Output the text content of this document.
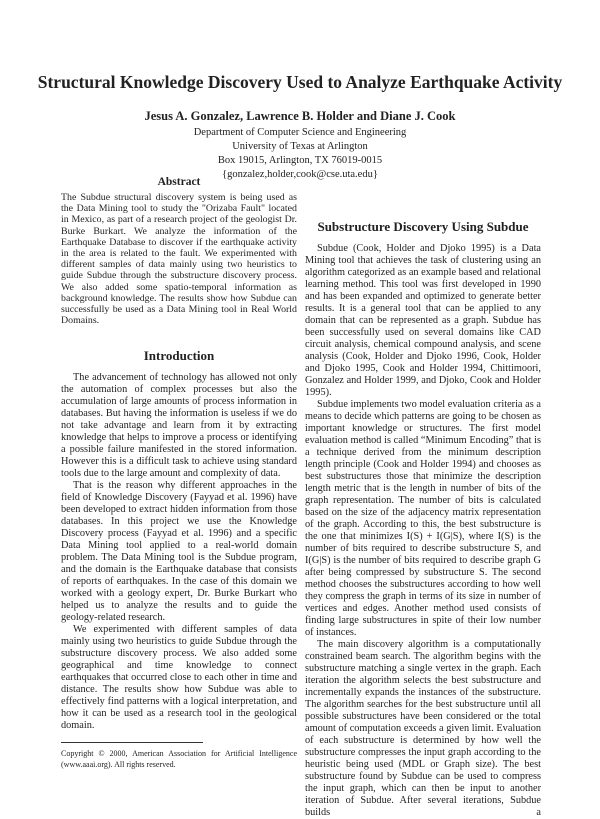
Structural Knowledge Discovery Used to Analyze Earthquake Activity
Jesus A. Gonzalez, Lawrence B. Holder and Diane J. Cook
Department of Computer Science and Engineering
University of Texas at Arlington
Box 19015, Arlington, TX 76019-0015
{gonzalez,holder,cook@cse.uta.edu}
Abstract

The Subdue structural discovery system is being used as the Data Mining tool to study the "Orizaba Fault" located in Mexico, as part of a research project of the geologist Dr. Burke Burkart. We analyze the information of the Earthquake Database to discover if the earthquake activity in the area is related to the fault. We experimented with different samples of data mainly using two heuristics to guide Subdue through the substructure discovery process. We also added some spatio-temporal information as background knowledge. The results show how Subdue can successfully be used as a Data Mining tool in Real World Domains.

Introduction

The advancement of technology has allowed not only the automation of complex processes but also the accumulation of large amounts of process information in databases. But having the information is useless if we do not take advantage and learn from it by extracting knowledge that helps to improve a process or identifying a possible failure manifested in the stored information. However this is a difficult task to achieve using standard tools due to the large amount and complexity of data.

That is the reason why different approaches in the field of Knowledge Discovery (Fayyad et al. 1996) have been developed to extract hidden information from those databases. In this project we use the Knowledge Discovery process (Fayyad et al. 1996) and a specific Data Mining tool applied to a real-world domain problem. The Data Mining tool is the Subdue program, and the domain is the Earthquake database that consists of reports of earthquakes. In the case of this domain we worked with a geology expert, Dr. Burke Burkart who helped us to analyze the results and to guide the geology-related research.

We experimented with different samples of data mainly using two heuristics to guide Subdue through the substructure discovery process. We also added some geographical and time knowledge to connect earthquakes that occurred close to each other in time and distance. The results show how Subdue was able to effectively find patterns with a logical interpretation, and how it can be used as a research tool in the geological domain.

Copyright © 2000, American Association for Artificial Intelligence (www.aaai.org). All rights reserved.
Substructure Discovery Using Subdue

Subdue (Cook, Holder and Djoko 1995) is a Data Mining tool that achieves the task of clustering using an algorithm categorized as an example based and relational learning method. This tool was first developed in 1990 and has been expanded and optimized to generate better results. It is a general tool that can be applied to any domain that can be represented as a graph. Subdue has been successfully used on several domains like CAD circuit analysis, chemical compound analysis, and scene analysis (Cook, Holder and Djoko 1996, Cook, Holder and Djoko 1995, Cook and Holder 1994, Chittimoori, Gonzalez and Holder 1999, and Djoko, Cook and Holder 1995).

Subdue implements two model evaluation criteria as a means to decide which patterns are going to be chosen as important knowledge or structures. The first model evaluation method is called “Minimum Encoding” that is a technique derived from the minimum description length principle (Cook and Holder 1994) and chooses as best substructures those that minimize the description length metric that is the length in number of bits of the graph representation. The number of bits is calculated based on the size of the adjacency matrix representation of the graph. According to this, the best substructure is the one that minimizes I(S) + I(G|S), where I(S) is the number of bits required to describe substructure S, and I(G|S) is the number of bits required to describe graph G after being compressed by substructure S. The second method chooses the substructures according to how well they compress the graph in terms of its size in number of vertices and edges. Another method used consists of finding large substructures in spite of their low number of instances.

The main discovery algorithm is a computationally constrained beam search. The algorithm begins with the substructure matching a single vertex in the graph. Each iteration the algorithm selects the best substructure and incrementally expands the instances of the substructure. The algorithm searches for the best substructure until all possible substructures have been considered or the total amount of computation exceeds a given limit. Evaluation of each substructure is determined by how well the substructure compresses the input graph according to the heuristic being used (MDL or Graph size). The best substructure found by Subdue can be used to compress the input graph, which can then be input to another iteration of Subdue. After several iterations, Subdue builds a
